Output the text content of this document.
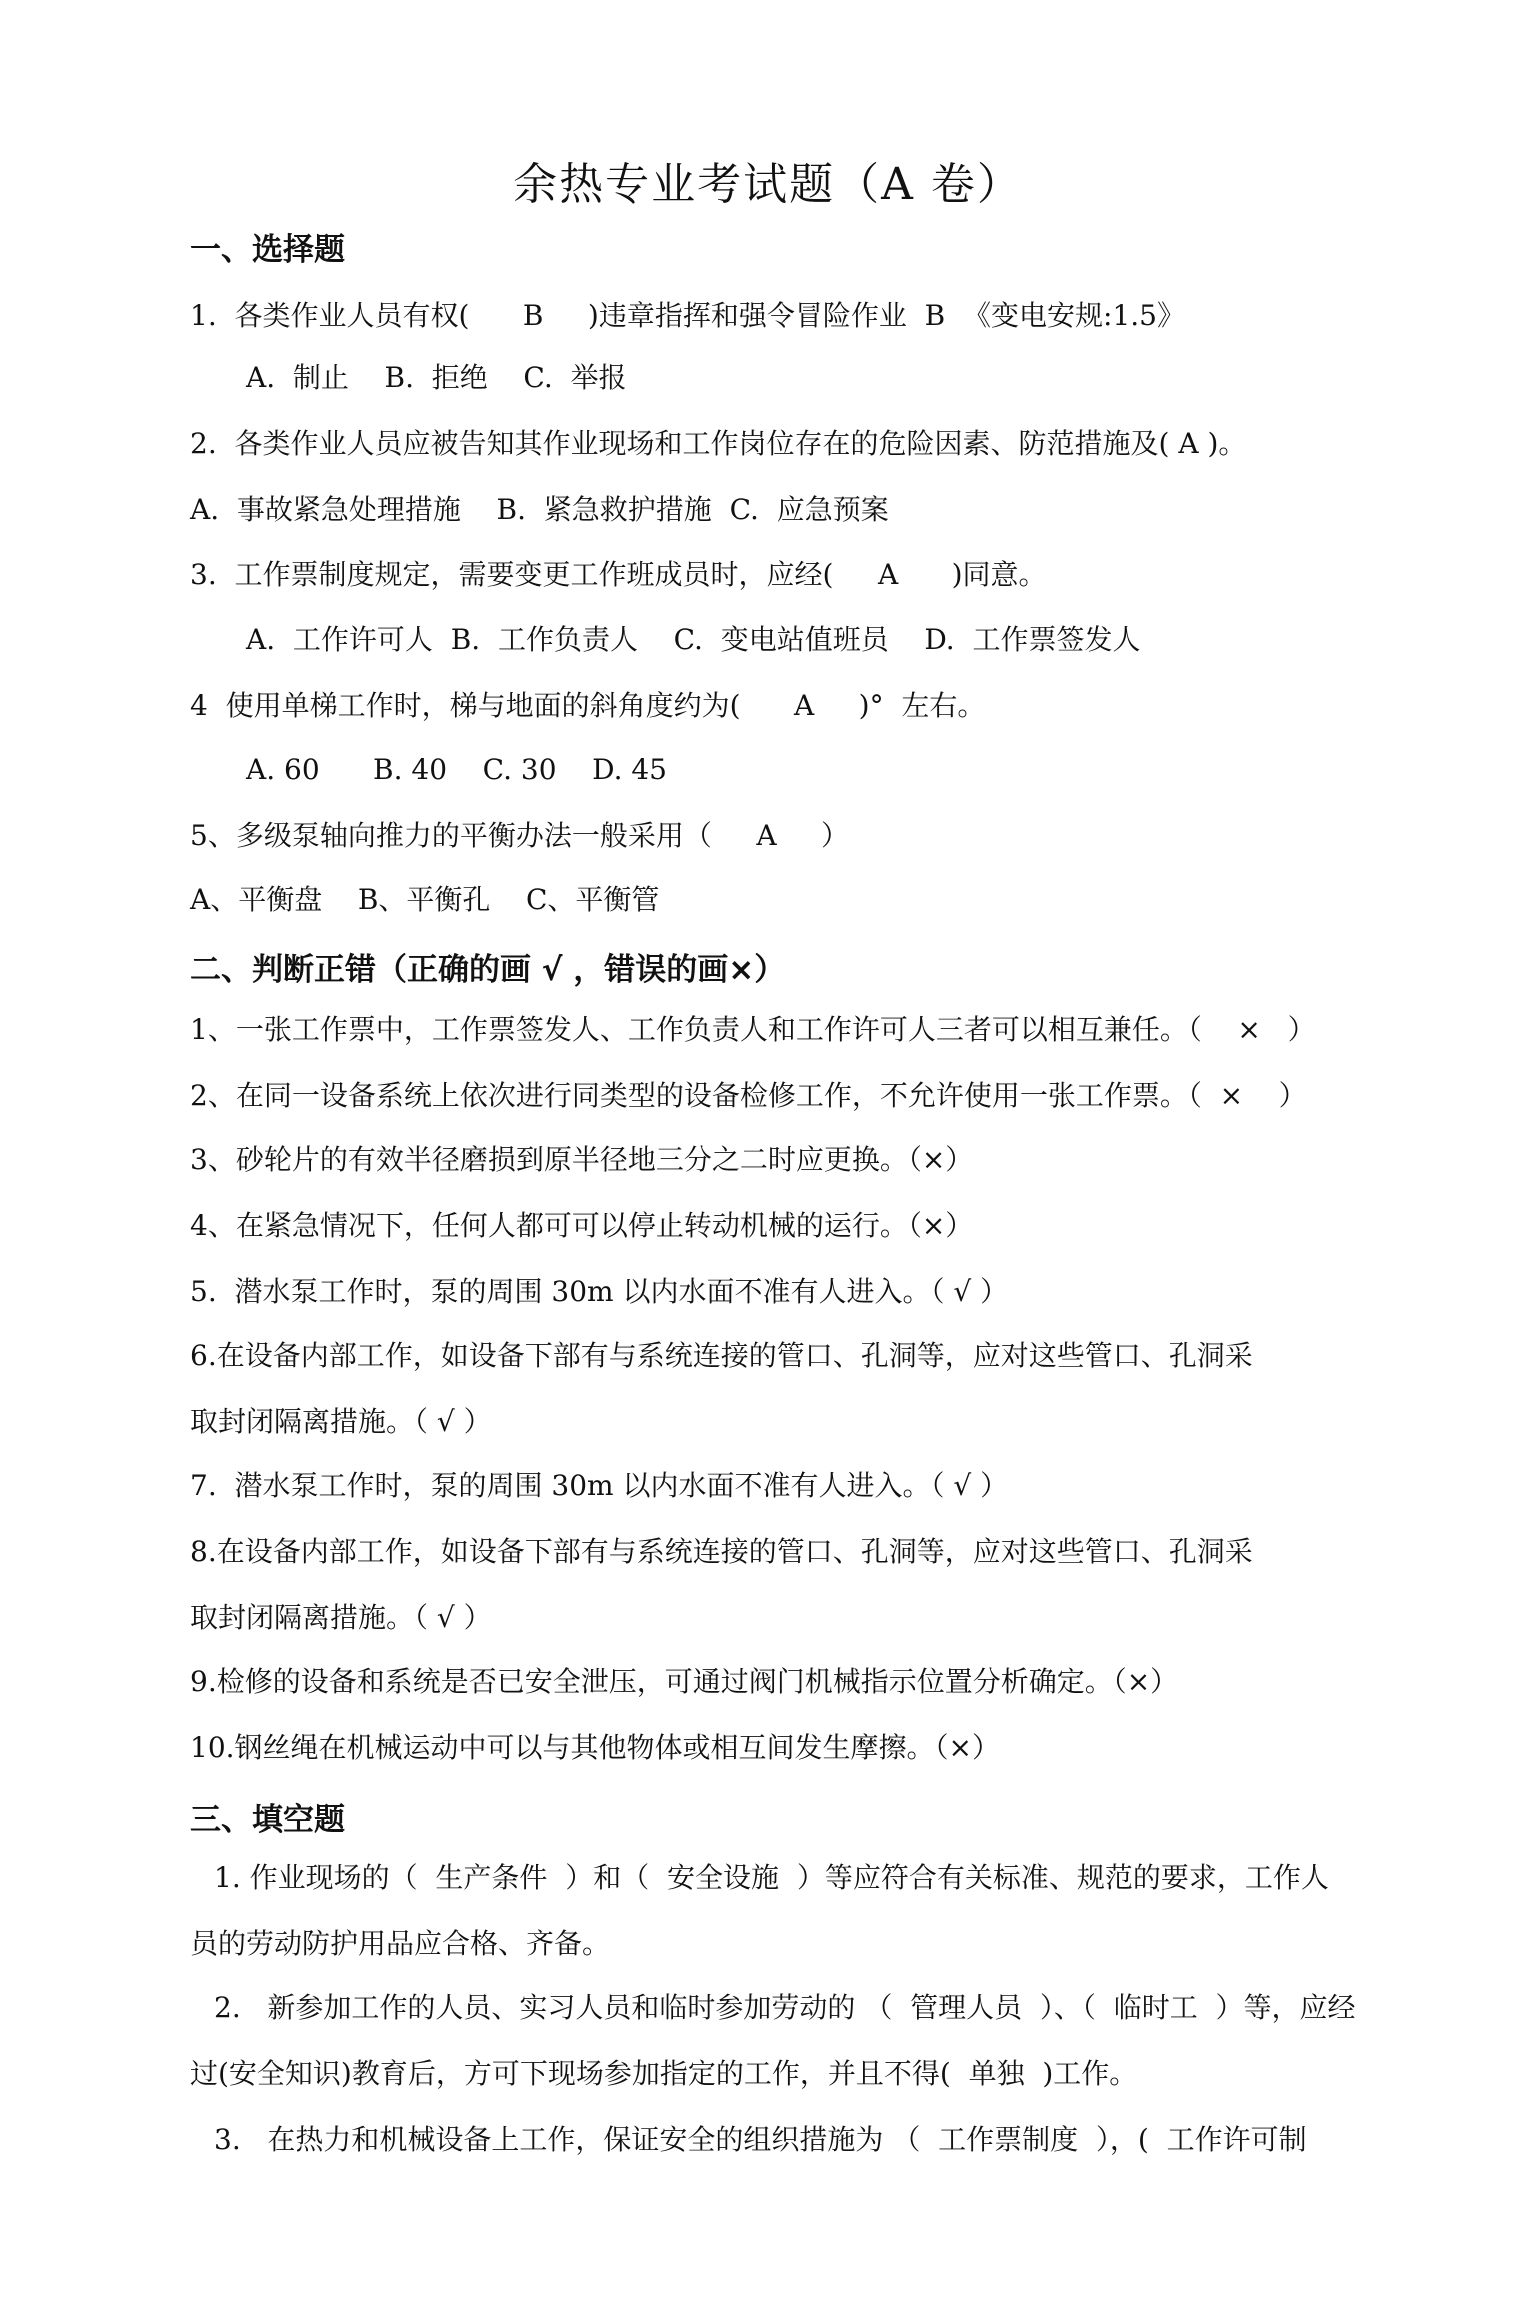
余热专业考试题（A 卷）
一、选择题
1.  各类作业人员有权(      B     )违章指挥和强令冒险作业  B  《变电安规:1.5》
A.  制止    B.  拒绝    C.  举报
2.  各类作业人员应被告知其作业现场和工作岗位存在的危险因素、防范措施及( A )。
A.  事故紧急处理措施    B.  紧急救护措施  C.  应急预案
3.  工作票制度规定，需要变更工作班成员时，应经(     A      )同意。
A.  工作许可人  B.  工作负责人    C.  变电站值班员    D.  工作票签发人
4  使用单梯工作时，梯与地面的斜角度约为(      A     )°  左右。
A. 60      B. 40    C. 30    D. 45
5、多级泵轴向推力的平衡办法一般采用（     A     ）
A、平衡盘    B、平衡孔    C、平衡管
二、判断正错（正确的画 √ ，错误的画×）
1、一张工作票中，工作票签发人、工作负责人和工作许可人三者可以相互兼任。（    ×   ）
2、在同一设备系统上依次进行同类型的设备检修工作，不允许使用一张工作票。（  ×    ）
3、砂轮片的有效半径磨损到原半径地三分之二时应更换。（×）
4、在紧急情况下，任何人都可可以停止转动机械的运行。（×）
5.  潜水泵工作时，泵的周围 30m 以内水面不准有人进入。（ √ ）
6.在设备内部工作，如设备下部有与系统连接的管口、孔洞等，应对这些管口、孔洞采
取封闭隔离措施。（ √ ）
7.  潜水泵工作时，泵的周围 30m 以内水面不准有人进入。（ √ ）
8.在设备内部工作，如设备下部有与系统连接的管口、孔洞等，应对这些管口、孔洞采
取封闭隔离措施。（ √ ）
9.检修的设备和系统是否已安全泄压，可通过阀门机械指示位置分析确定。（×）
10.钢丝绳在机械运动中可以与其他物体或相互间发生摩擦。（×）
三、填空题
1. 作业现场的（  生产条件  ）和（  安全设施  ）等应符合有关标准、规范的要求，工作人
员的劳动防护用品应合格、齐备。
2.   新参加工作的人员、实习人员和临时参加劳动的 （  管理人员  ）、（  临时工  ）等，应经
过(安全知识)教育后，方可下现场参加指定的工作，并且不得(  单独  )工作。
3.   在热力和机械设备上工作，保证安全的组织措施为 （  工作票制度  ），(  工作许可制
